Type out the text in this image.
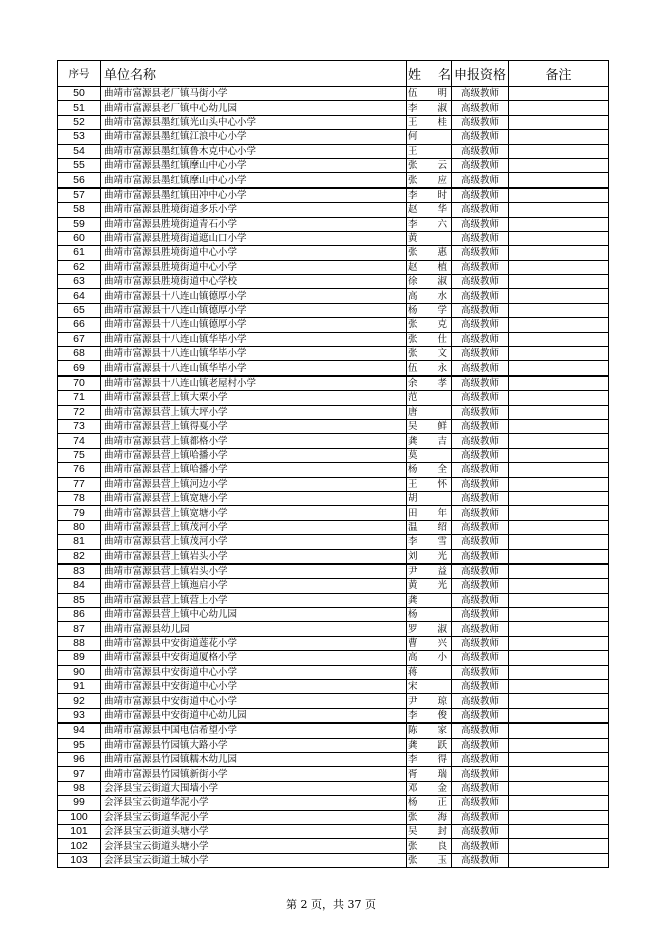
序号	单位名称	姓 名	申报资格	备注
50	曲靖市富源县老厂镇马街小学	伍 明	高级教师	
51	曲靖市富源县老厂镇中心幼儿园	李 淑	高级教师	
52	曲靖市富源县墨红镇光山头中心小学	王 桂	高级教师	
53	曲靖市富源县墨红镇江浪中心小学	何	高级教师	
54	曲靖市富源县墨红镇鲁木克中心小学	王	高级教师	
55	曲靖市富源县墨红镇摩山中心小学	张 云	高级教师	
56	曲靖市富源县墨红镇摩山中心小学	张 应	高级教师	
57	曲靖市富源县墨红镇田冲中心小学	李 时	高级教师	
58	曲靖市富源县胜境街道多乐小学	赵 华	高级教师	
59	曲靖市富源县胜境街道青石小学	李 六	高级教师	
60	曲靖市富源县胜境街道遮山口小学	黄	高级教师	
61	曲靖市富源县胜境街道中心小学	张 惠	高级教师	
62	曲靖市富源县胜境街道中心小学	赵 植	高级教师	
63	曲靖市富源县胜境街道中心学校	徐 淑	高级教师	
64	曲靖市富源县十八连山镇德厚小学	高 水	高级教师	
65	曲靖市富源县十八连山镇德厚小学	杨 学	高级教师	
66	曲靖市富源县十八连山镇德厚小学	张 克	高级教师	
67	曲靖市富源县十八连山镇华毕小学	张 仕	高级教师	
68	曲靖市富源县十八连山镇华毕小学	张 文	高级教师	
69	曲靖市富源县十八连山镇华毕小学	伍 永	高级教师	
70	曲靖市富源县十八连山镇老屋村小学	余 孝	高级教师	
71	曲靖市富源县营上镇大栗小学	范	高级教师	
72	曲靖市富源县营上镇大坪小学	唐	高级教师	
73	曲靖市富源县营上镇得戛小学	吴 鲜	高级教师	
74	曲靖市富源县营上镇都格小学	龚 吉	高级教师	
75	曲靖市富源县营上镇哈播小学	莫	高级教师	
76	曲靖市富源县营上镇哈播小学	杨 全	高级教师	
77	曲靖市富源县营上镇河边小学	王 怀	高级教师	
78	曲靖市富源县营上镇宽塘小学	胡	高级教师	
79	曲靖市富源县营上镇宽塘小学	田 年	高级教师	
80	曲靖市富源县营上镇茂河小学	温 绍	高级教师	
81	曲靖市富源县营上镇茂河小学	李 雪	高级教师	
82	曲靖市富源县营上镇岩头小学	刘 光	高级教师	
83	曲靖市富源县营上镇岩头小学	尹 益	高级教师	
84	曲靖市富源县营上镇迤启小学	黄 光	高级教师	
85	曲靖市富源县营上镇营上小学	龚	高级教师	
86	曲靖市富源县营上镇中心幼儿园	杨	高级教师	
87	曲靖市富源县幼儿园	罗 淑	高级教师	
88	曲靖市富源县中安街道莲花小学	曹 兴	高级教师	
89	曲靖市富源县中安街道厦格小学	高 小	高级教师	
90	曲靖市富源县中安街道中心小学	蒋	高级教师	
91	曲靖市富源县中安街道中心小学	宋	高级教师	
92	曲靖市富源县中安街道中心小学	尹 琼	高级教师	
93	曲靖市富源县中安街道中心幼儿园	李 俊	高级教师	
94	曲靖市富源县中国电信希望小学	陈 家	高级教师	
95	曲靖市富源县竹园镇大路小学	龚 跃	高级教师	
96	曲靖市富源县竹园镇糯木幼儿园	李 得	高级教师	
97	曲靖市富源县竹园镇新街小学	胥 瑞	高级教师	
98	会泽县宝云街道大围墙小学	邓 金	高级教师	
99	会泽县宝云街道华泥小学	杨 正	高级教师	
100	会泽县宝云街道华泥小学	张 海	高级教师	
101	会泽县宝云街道头塘小学	吴 封	高级教师	
102	会泽县宝云街道头塘小学	张 良	高级教师	
103	会泽县宝云街道土城小学	张 玉	高级教师	
第 2 页，共 37 页
